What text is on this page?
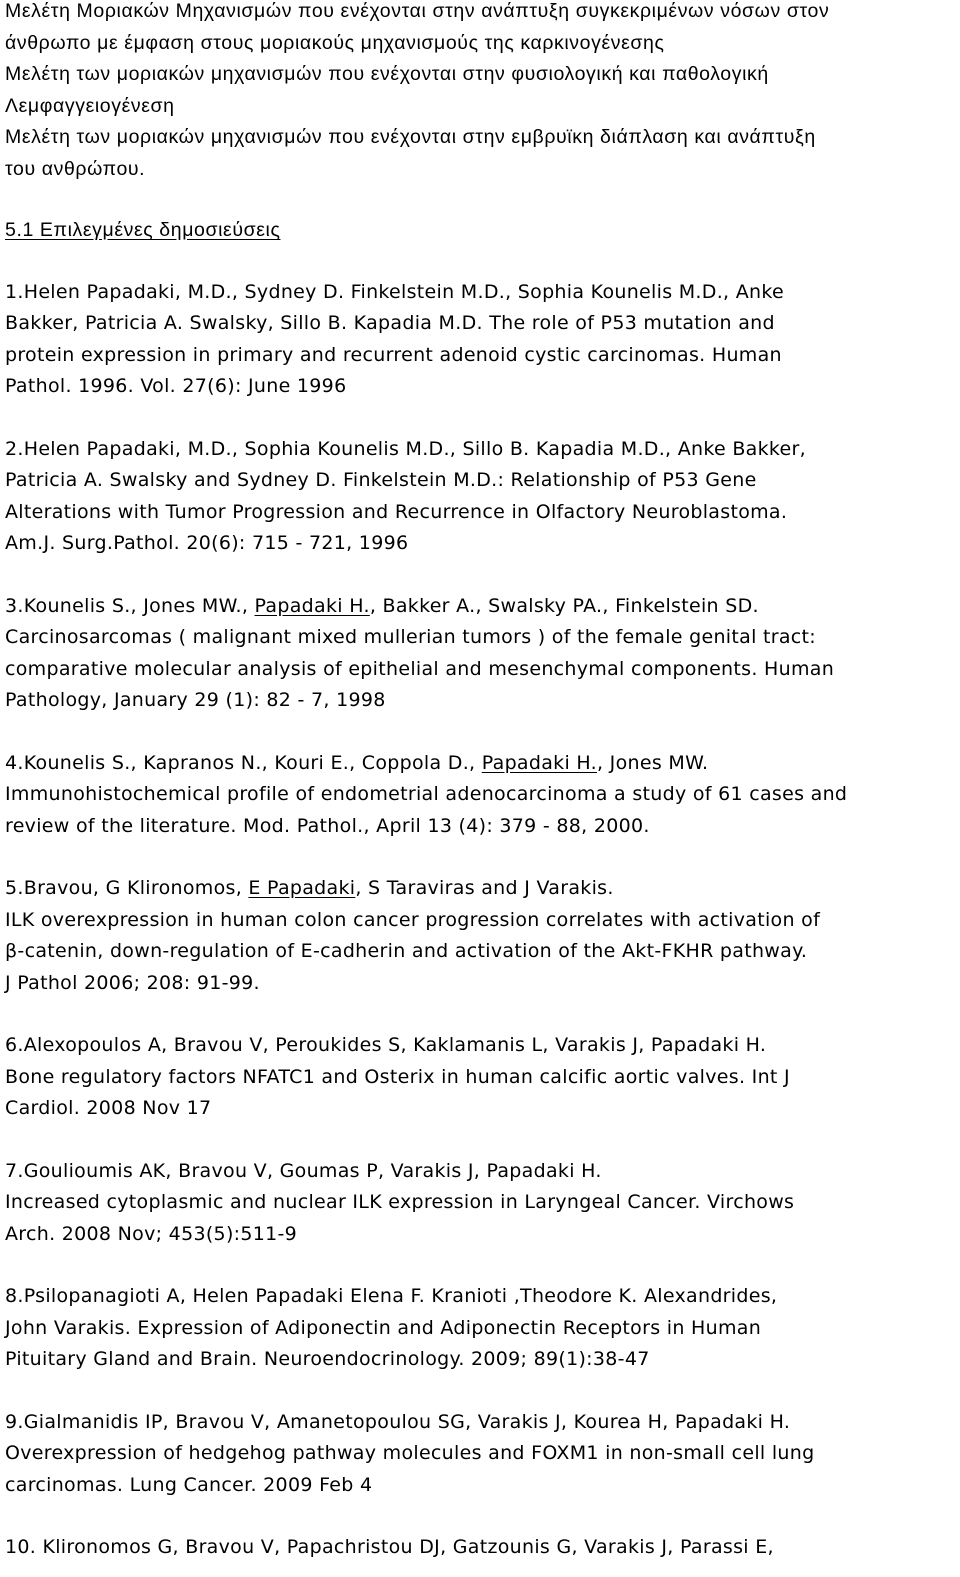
Μελέτη Μοριακών Μηχανισμών που ενέχονται στην ανάπτυξη συγκεκριμένων νόσων στον
άνθρωπο με έμφαση στους μοριακούς μηχανισμούς της καρκινογένεσης
Μελέτη των μοριακών μηχανισμών που ενέχονται στην φυσιολογική και παθολογική
Λεμφαγγειογένεση
Μελέτη των μοριακών μηχανισμών που ενέχονται στην εμβρυϊκη διάπλαση και ανάπτυξη
του ανθρώπου.
5.1 Επιλεγμένες δημοσιεύσεις
1.Helen Papadaki, M.D., Sydney D. Finkelstein M.D., Sophia Kounelis M.D., Anke
Bakker, Patricia A. Swalsky, Sillo B. Kapadia M.D. The role of P53 mutation and
protein expression in primary and recurrent adenoid cystic carcinomas. Human
Pathol. 1996. Vol. 27(6): June 1996
2.Helen Papadaki, M.D., Sophia Kounelis M.D., Sillo B. Kapadia M.D., Anke Bakker,
Patricia A. Swalsky and Sydney D. Finkelstein M.D.: Relationship of P53 Gene
Alterations with Tumor Progression and Recurrence in Olfactory Neuroblastoma.
Am.J. Surg.Pathol. 20(6): 715 - 721, 1996
3.Kounelis S., Jones MW., Papadaki H., Bakker A., Swalsky PA., Finkelstein SD.
Carcinosarcomas ( malignant mixed mullerian tumors ) of the female genital tract:
comparative molecular analysis of epithelial and mesenchymal components. Human
Pathology, January 29 (1): 82 - 7, 1998
4.Kounelis S., Kapranos N., Kouri E., Coppola D., Papadaki H., Jones MW.
Immunohistochemical profile of endometrial adenocarcinoma a study of 61 cases and
review of the literature. Mod. Pathol., April 13 (4): 379 - 88, 2000.
5.Bravou, G Klironomos, E Papadaki, S Taraviras and J Varakis.
ILK overexpression in human colon cancer progression correlates with activation of
β-catenin, down-regulation of E-cadherin and activation of the Akt-FKHR pathway.
J Pathol 2006; 208: 91-99.
6.Alexopoulos A, Bravou V, Peroukides S, Kaklamanis L, Varakis J, Papadaki H.
Bone regulatory factors NFATC1 and Osterix in human calcific aortic valves. Int J
Cardiol. 2008 Nov 17
7.Gouliοumis AK, Bravou V, Goumas P, Varakis J, Papadaki H.
Increased cytoplasmic and nuclear ILK expression in Laryngeal Cancer. Virchows
Arch. 2008 Nov; 453(5):511-9
8.Psilopanagioti A, Helen Papadaki Elena F. Kranioti ,Theodore K. Alexandrides,
John Varakis. Expression of Adiponectin and Adiponectin Receptors in Human
Pituitary Gland and Brain. Neuroendocrinology. 2009; 89(1):38-47
9.Gialmanidis IP, Bravou V, Amanetopoulou SG, Varakis J, Kourea H, Papadaki H.
Overexpression of hedgehog pathway molecules and FOXM1 in non-small cell lung
carcinomas. Lung Cancer. 2009 Feb 4
10. Klironomos G, Bravou V, Papachristou DJ, Gatzounis G, Varakis J, Parassi E,
